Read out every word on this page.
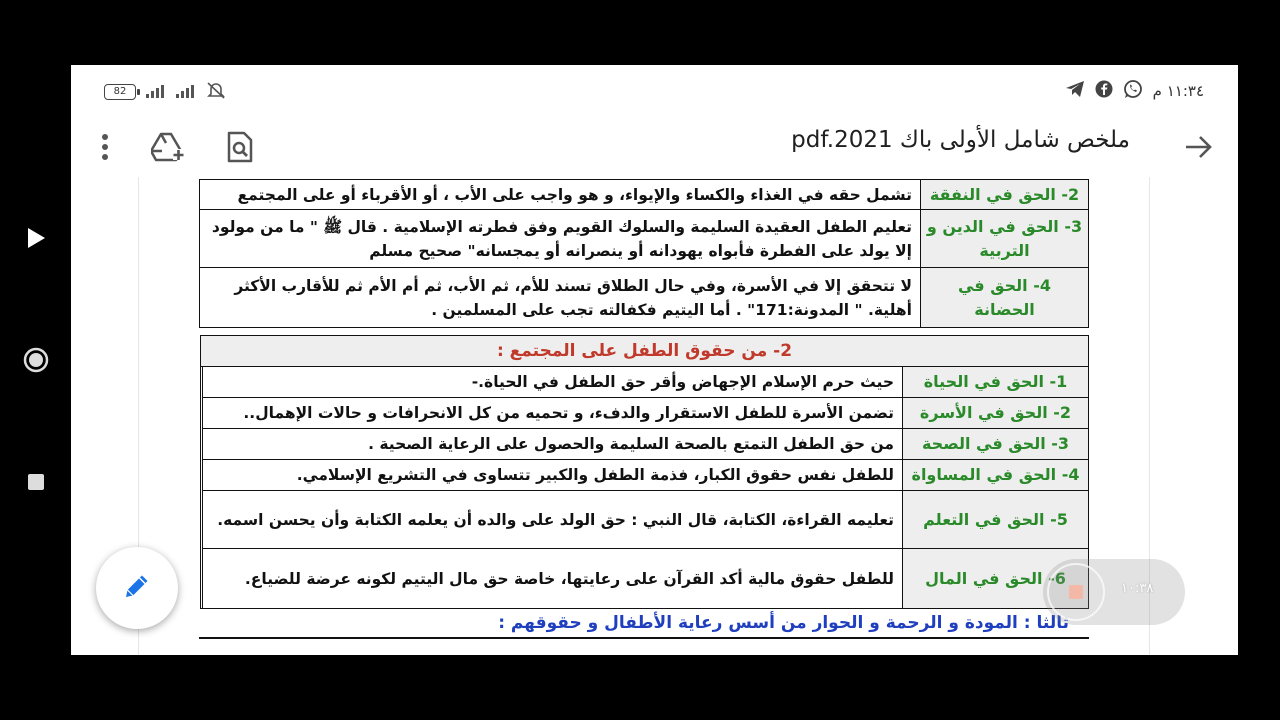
82	١١:٣٤ م
ملخص شامل الأولى باك pdf.2021
2- الحق في النفقة	تشمل حقه في الغذاء والكساء والإيواء، و هو واجب على الأب ، أو الأقرباء أو على المجتمع
3- الحق في الدين و التربية	تعليم الطفل العقيدة السليمة والسلوك القويم وفق فطرته الإسلامية . قال ﷺ " ما من مولود إلا يولد على الفطرة فأبواه يهودانه أو ينصرانه أو يمجسانه" صحيح مسلم
4- الحق في الحضانة	لا تتحقق إلا في الأسرة، وفي حال الطلاق تسند للأم، ثم الأب، ثم أم الأم ثم للأقارب الأكثر أهلية. " المدونة:171" . أما اليتيم فكفالته تجب على المسلمين .
2- من حقوق الطفل على المجتمع :
1- الحق في الحياة	حيث حرم الإسلام الإجهاض وأقر حق الطفل في الحياة.-
2- الحق في الأسرة	تضمن الأسرة للطفل الاستقرار والدفء، و تحميه من كل الانحرافات و حالات الإهمال..
3- الحق في الصحة	من حق الطفل التمتع بالصحة السليمة والحصول على الرعاية الصحية .
4- الحق في المساواة	للطفل نفس حقوق الكبار، فذمة الطفل والكبير تتساوى في التشريع الإسلامي.
5- الحق في التعلم	تعليمه القراءة، الكتابة، قال النبي : حق الولد على والده أن يعلمه الكتابة وأن يحسن اسمه.
6- الحق في المال	للطفل حقوق مالية أكد القرآن على رعايتها، خاصة حق مال اليتيم لكونه عرضة للضياع.
ثالثا : المودة و الرحمة و الحوار من أسس رعاية الأطفال و حقوقهم :
١٠:٣٨
